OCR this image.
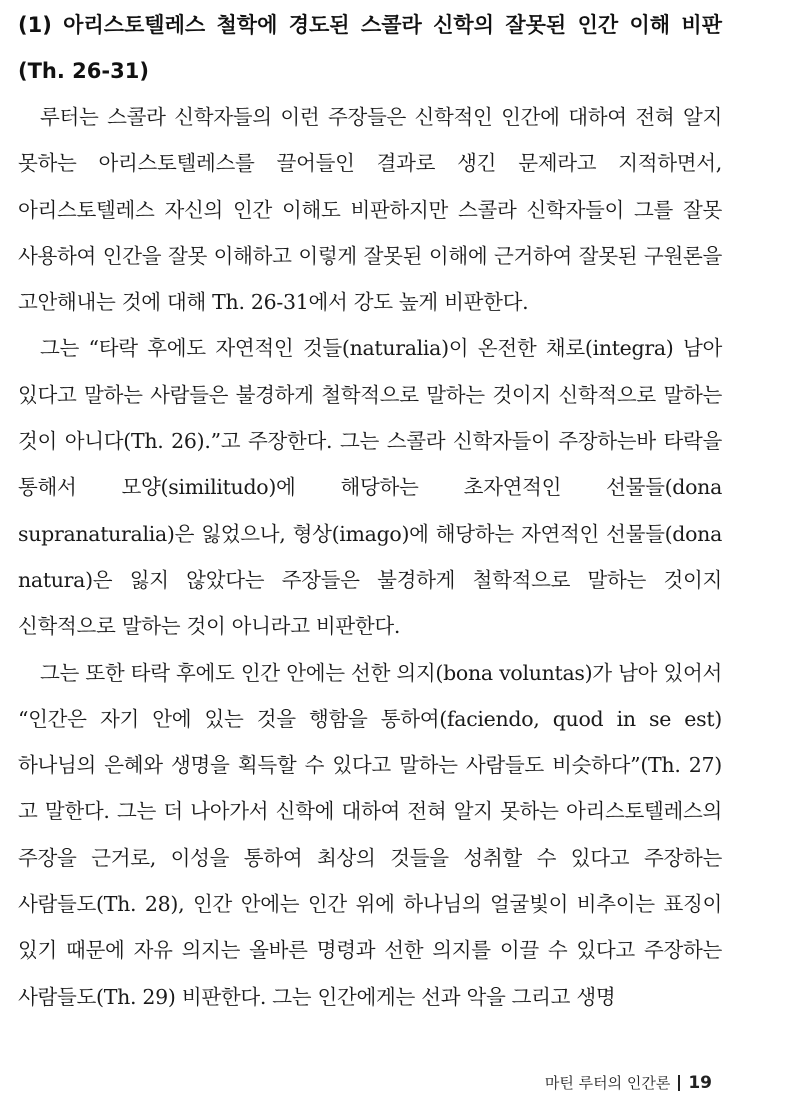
(1) 아리스토텔레스 철학에 경도된 스콜라 신학의 잘못된 인간 이해 비판(Th. 26-31)

루터는 스콜라 신학자들의 이런 주장들은 신학적인 인간에 대하여 전혀 알지 못하는 아리스토텔레스를 끌어들인 결과로 생긴 문제라고 지적하면서, 아리스토텔레스 자신의 인간 이해도 비판하지만 스콜라 신학자들이 그를 잘못 사용하여 인간을 잘못 이해하고 이렇게 잘못된 이해에 근거하여 잘못된 구원론을 고안해내는 것에 대해 Th. 26-31에서 강도 높게 비판한다.

그는 “타락 후에도 자연적인 것들(naturalia)이 온전한 채로(integra) 남아 있다고 말하는 사람들은 불경하게 철학적으로 말하는 것이지 신학적으로 말하는 것이 아니다(Th. 26).”고 주장한다. 그는 스콜라 신학자들이 주장하는바 타락을 통해서 모양(similitudo)에 해당하는 초자연적인 선물들(dona supranaturalia)은 잃었으나, 형상(imago)에 해당하는 자연적인 선물들(dona natura)은 잃지 않았다는 주장들은 불경하게 철학적으로 말하는 것이지 신학적으로 말하는 것이 아니라고 비판한다.

그는 또한 타락 후에도 인간 안에는 선한 의지(bona voluntas)가 남아 있어서 “인간은 자기 안에 있는 것을 행함을 통하여(faciendo, quod in se est) 하나님의 은혜와 생명을 획득할 수 있다고 말하는 사람들도 비슷하다”(Th. 27)고 말한다. 그는 더 나아가서 신학에 대하여 전혀 알지 못하는 아리스토텔레스의 주장을 근거로, 이성을 통하여 최상의 것들을 성취할 수 있다고 주장하는 사람들도(Th. 28), 인간 안에는 인간 위에 하나님의 얼굴빛이 비추이는 표징이 있기 때문에 자유 의지는 올바른 명령과 선한 의지를 이끌 수 있다고 주장하는 사람들도(Th. 29) 비판한다. 그는 인간에게는 선과 악을 그리고 생명

마틴 루터의 인간론 19
